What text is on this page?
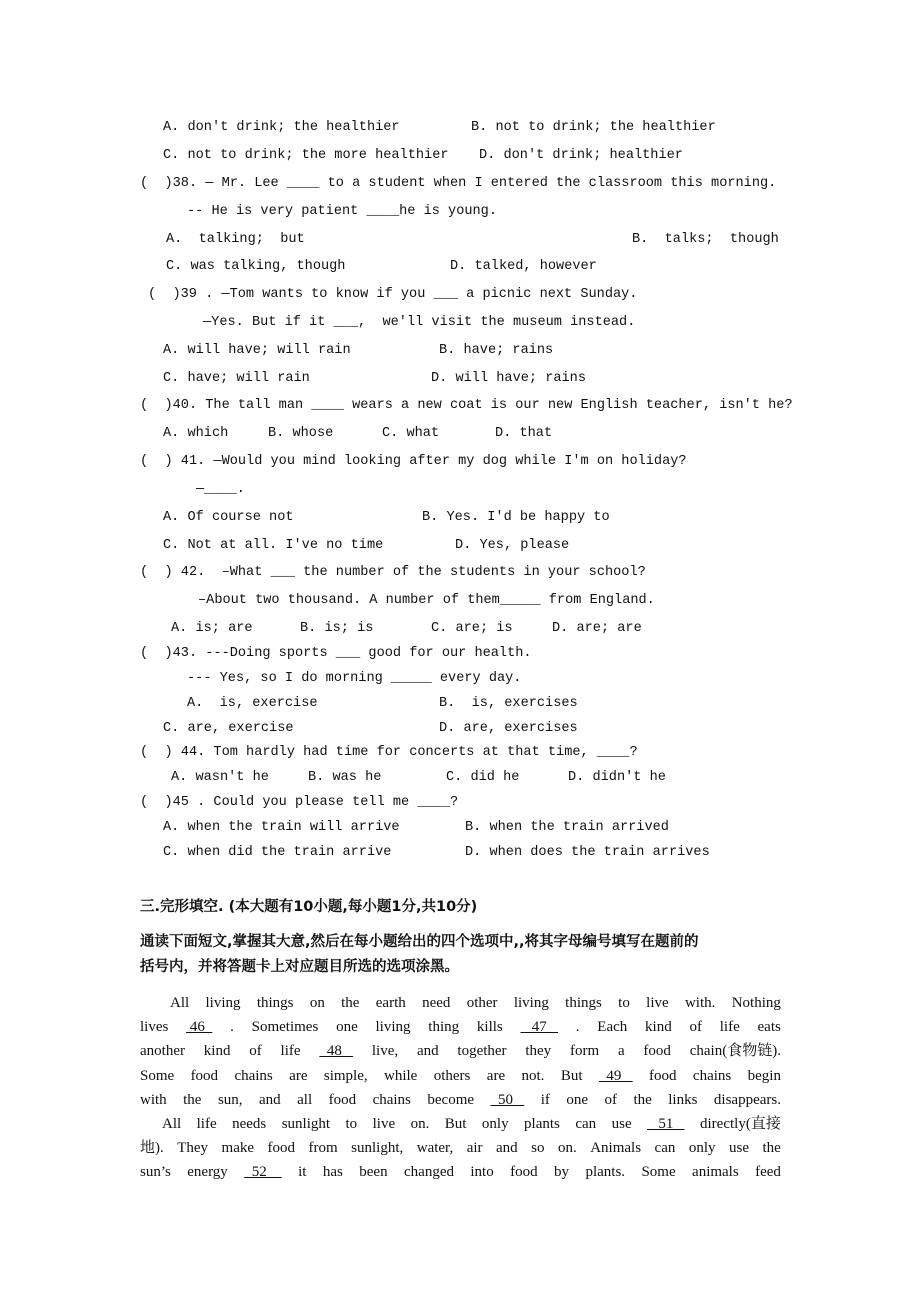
A. don't drink; the healthier	B. not to drink; the healthier
C. not to drink; the more healthier D. don't drink; healthier
(  )38. — Mr. Lee ____ to a student when I entered the classroom this morning.
-- He is very patient ____he is young.
A.  talking;  but	B.  talks;  though
C. was talking, though	D. talked, however
(  )39 . —Tom wants to know if you ___ a picnic next Sunday.
—Yes. But if it ___,  we'll visit the museum instead.
A. will have; will rain	B. have; rains
C. have; will rain	D. will have; rains
(  )40. The tall man ____ wears a new coat is our new English teacher, isn't he?
A. which	B. whose	C. what	D. that
(  ) 41. —Would you mind looking after my dog while I'm on holiday?
—____.
A. Of course not	B. Yes. I'd be happy to
C. Not at all. I've no time	D. Yes, please
(  ) 42.  –What ___ the number of the students in your school?
–About two thousand. A number of them_____ from England.
A. is; are	B. is; is	C. are; is	D. are; are
(  )43. ---Doing sports ___ good for our health.
--- Yes, so I do morning _____ every day.
A.  is, exercise	B.  is, exercises
C. are, exercise	D. are, exercises
(  ) 44. Tom hardly had time for concerts at that time, ____?
A. wasn't he	B. was he	C. did he	D. didn't he
(  )45 . Could you please tell me ____?
A. when the train will arrive	B. when the train arrived
C. when did the train arrive	D. when does the train arrives
三.完形填空. (本大题有10小题,每小题1分,共10分)
通读下面短文,掌握其大意,然后在每小题给出的四个选项中,,将其字母编号填写在题前的
括号内，并将答题卡上对应题目所选的选项涂黑。
All living things on the earth need other living things to live with. Nothing
lives 46 . Sometimes one living thing kills 47 . Each kind of life eats
another kind of life 48 live, and together they form a food chain(食物链).
Some food chains are simple, while others are not. But 49 food chains begin
with the sun, and all food chains become 50 if one of the links disappears.
All life needs sunlight to live on. But only plants can use 51 directly(直接
地). They make food from sunlight, water, air and so on. Animals can only use the
sun’s energy 52 it has been changed into food by plants. Some animals feed
